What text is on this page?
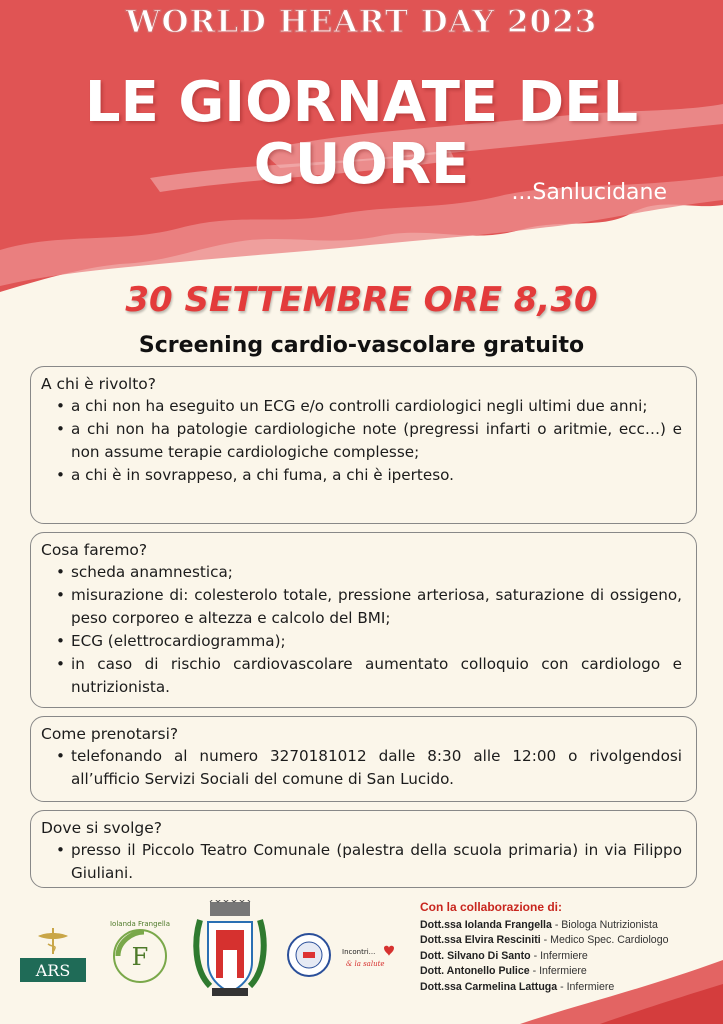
WORLD HEART DAY 2023
LE GIORNATE DEL
CUORE	...Sanlucidane
30 SETTEMBRE ORE 8,30
Screening cardio-vascolare gratuito
A chi è rivolto?
• a chi non ha eseguito un ECG e/o controlli cardiologici negli ultimi due anni;
• a chi non ha patologie cardiologiche note (pregressi infarti o aritmie, ecc…) e non assume terapie cardiologiche complesse;
• a chi è in sovrappeso, a chi fuma, a chi è iperteso.
Cosa faremo?
• scheda anamnestica;
• misurazione di: colesterolo totale, pressione arteriosa, saturazione di ossigeno, peso corporeo e altezza e calcolo del BMI;
• ECG (elettrocardiogramma);
• in caso di rischio cardiovascolare aumentato colloquio con cardiologo e nutrizionista.
Come prenotarsi?
• telefonando al numero 3270181012 dalle 8:30 alle 12:00 o rivolgendosi all’ufficio Servizi Sociali del comune di San Lucido.
Dove si svolge?
• presso il Piccolo Teatro Comunale (palestra della scuola primaria) in via Filippo Giuliani.
ARS	F
Iolanda Frangella
Incontri...
& la salute
Con la collaborazione di:
Dott.ssa Iolanda Frangella - Biologa Nutrizionista
Dott.ssa Elvira Resciniti - Medico Spec. Cardiologo
Dott. Silvano Di Santo - Infermiere
Dott. Antonello Pulice - Infermiere
Dott.ssa Carmelina Lattuga - Infermiere
